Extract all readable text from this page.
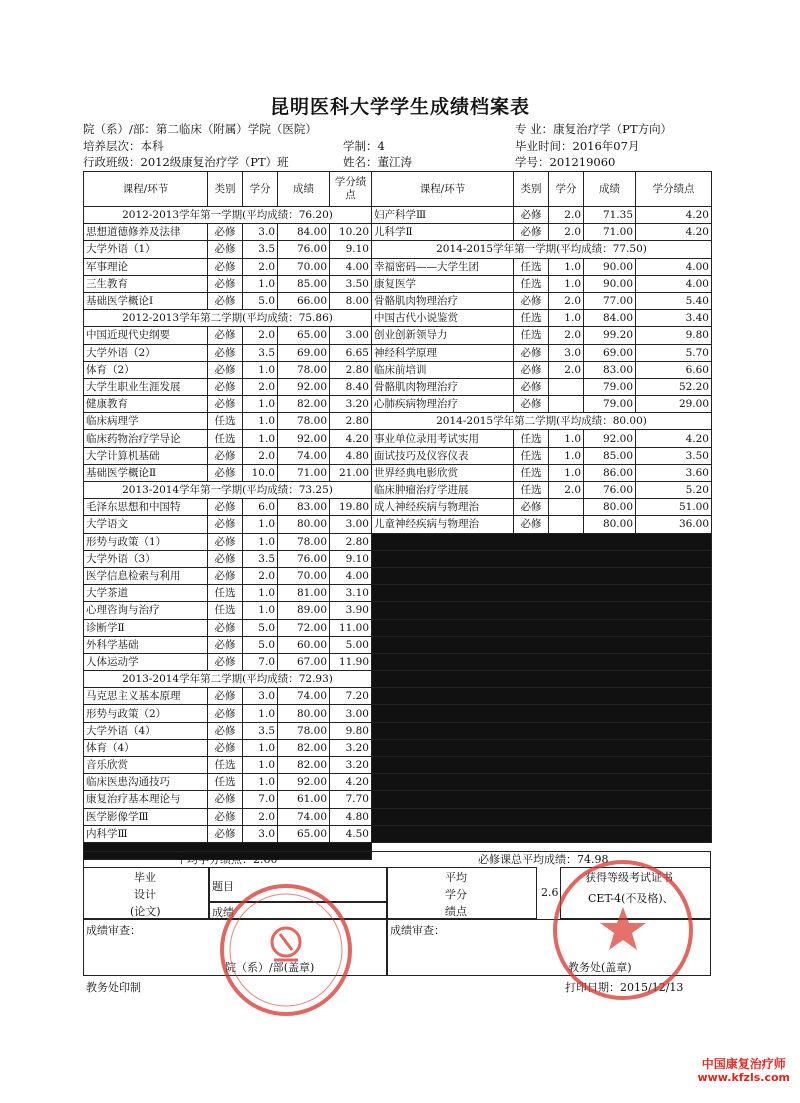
昆明医科大学学生成绩档案表
院（系）/部：第二临床（附属）学院（医院）	专 业：康复治疗学（PT方向）
培养层次：本科	学制：4	毕业时间：2016年07月
行政班级：2012级康复治疗学（PT）班	姓名：董江涛	学号：201219060
课程/环节	类别	学分	成绩	学分绩点	课程/环节	类别	学分	成绩	学分绩点
2012-2013学年第一学期(平均成绩：76.20)					妇产科学Ⅲ	必修	2.0	71.35	4.20
思想道德修养及法律	必修	3.0	84.00	10.20	儿科学Ⅱ	必修	2.0	71.00	4.20
大学外语（1）	必修	3.5	76.00	9.10	2014-2015学年第一学期(平均成绩：77.50)				
军事理论	必修	2.0	70.00	4.00	幸福密码——大学生团	任选	1.0	90.00	4.00
三生教育	必修	1.0	85.00	3.50	康复医学	任选	1.0	90.00	4.00
基础医学概论Ⅰ	必修	5.0	66.00	8.00	骨骼肌肉物理治疗	必修	2.0	77.00	5.40
2012-2013学年第二学期(平均成绩：75.86)					中国古代小说鉴赏	任选	1.0	84.00	3.40
中国近现代史纲要	必修	2.0	65.00	3.00	创业创新领导力	任选	2.0	99.20	9.80
大学外语（2）	必修	3.5	69.00	6.65	神经科学原理	必修	3.0	69.00	5.70
体育（2）	必修	1.0	78.00	2.80	临床前培训	必修	2.0	83.00	6.60
大学生职业生涯发展	必修	2.0	92.00	8.40	骨骼肌肉物理治疗	必修		79.00	52.20
健康教育	必修	1.0	82.00	3.20	心肺疾病物理治疗	必修		79.00	29.00
临床病理学	任选	1.0	78.00	2.80	2014-2015学年第二学期(平均成绩：80.00)				
临床药物治疗学导论	任选	1.0	92.00	4.20	事业单位录用考试实用	任选	1.0	92.00	4.20
大学计算机基础	必修	2.0	74.00	4.80	面试技巧及仪容仪表	任选	1.0	85.00	3.50
基础医学概论Ⅱ	必修	10.0	71.00	21.00	世界经典电影欣赏	任选	1.0	86.00	3.60
2013-2014学年第一学期(平均成绩：73.25)					临床肿瘤治疗学进展	任选	2.0	76.00	5.20
毛泽东思想和中国特	必修	6.0	83.00	19.80	成人神经疾病与物理治	必修		80.00	51.00
大学语文	必修	1.0	80.00	3.00	儿童神经疾病与物理治	必修		80.00	36.00
形势与政策（1）	必修	1.0	78.00	2.80					
大学外语（3）	必修	3.5	76.00	9.10					
医学信息检索与利用	必修	2.0	70.00	4.00					
大学茶道	任选	1.0	81.00	3.10					
心理咨询与治疗	任选	1.0	89.00	3.90					
诊断学Ⅱ	必修	5.0	72.00	11.00					
外科学基础	必修	5.0	60.00	5.00					
人体运动学	必修	7.0	67.00	11.90					
2013-2014学年第二学期(平均成绩：72.93)									
马克思主义基本原理	必修	3.0	74.00	7.20					
形势与政策（2）	必修	1.0	80.00	3.00					
大学外语（4）	必修	3.5	78.00	9.80					
体育（4）	必修	1.0	82.00	3.20					
音乐欣赏	任选	1.0	82.00	3.20					
临床医患沟通技巧	任选	1.0	92.00	4.20					
康复治疗基本理论与	必修	7.0	61.00	7.70					
医学影像学Ⅲ	必修	2.0	74.00	4.80					
内科学Ⅲ	必修	3.0	65.00	4.50					

平均学分绩点：2.60	必修课总平均成绩：74.98
毕业
设计
(论文)
题目
成绩
平均
学分
绩点
2.6
获得等级考试证书
CET-4(不及格)、
成绩审查：
院（系）/部(盖章)
成绩审查：
教务处(盖章)
教务处印制	打印日期：2015/12/13
中国康复治疗师
www.kfzls.com
